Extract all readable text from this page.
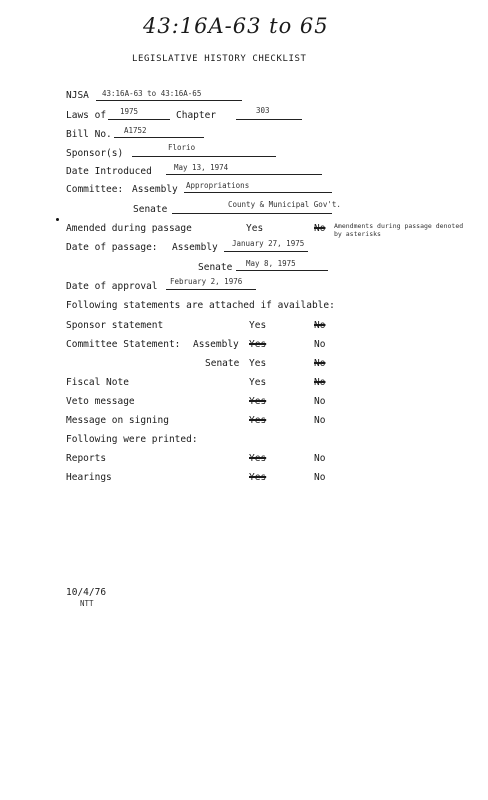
43:16A-63 to 65
LEGISLATIVE HISTORY CHECKLIST
NJSA 43:16A-63 to 43:16A-65
Laws of 1975	Chapter	303
Bill No. A1752
Sponsor(s)
Florio
Date Introduced	May 13, 1974
Committee: Assembly Appropriations
Senate	County & Municipal Gov't.
Amended during passage	Yes	No Amendments during passage denoted by asterisks
Date of passage: Assembly January 27, 1975
Senate May 8, 1975
Date of approval February 2, 1976
Following statements are attached if available:
Sponsor statement	Yes	No
Committee Statement: Assembly Yes	No
Senate Yes	No
Fiscal Note	Yes	No
Veto message	Yes	No
Message on signing	Yes	No
Following were printed:
Reports	Yes	No
Hearings	Yes	No
10/4/76
NTT
